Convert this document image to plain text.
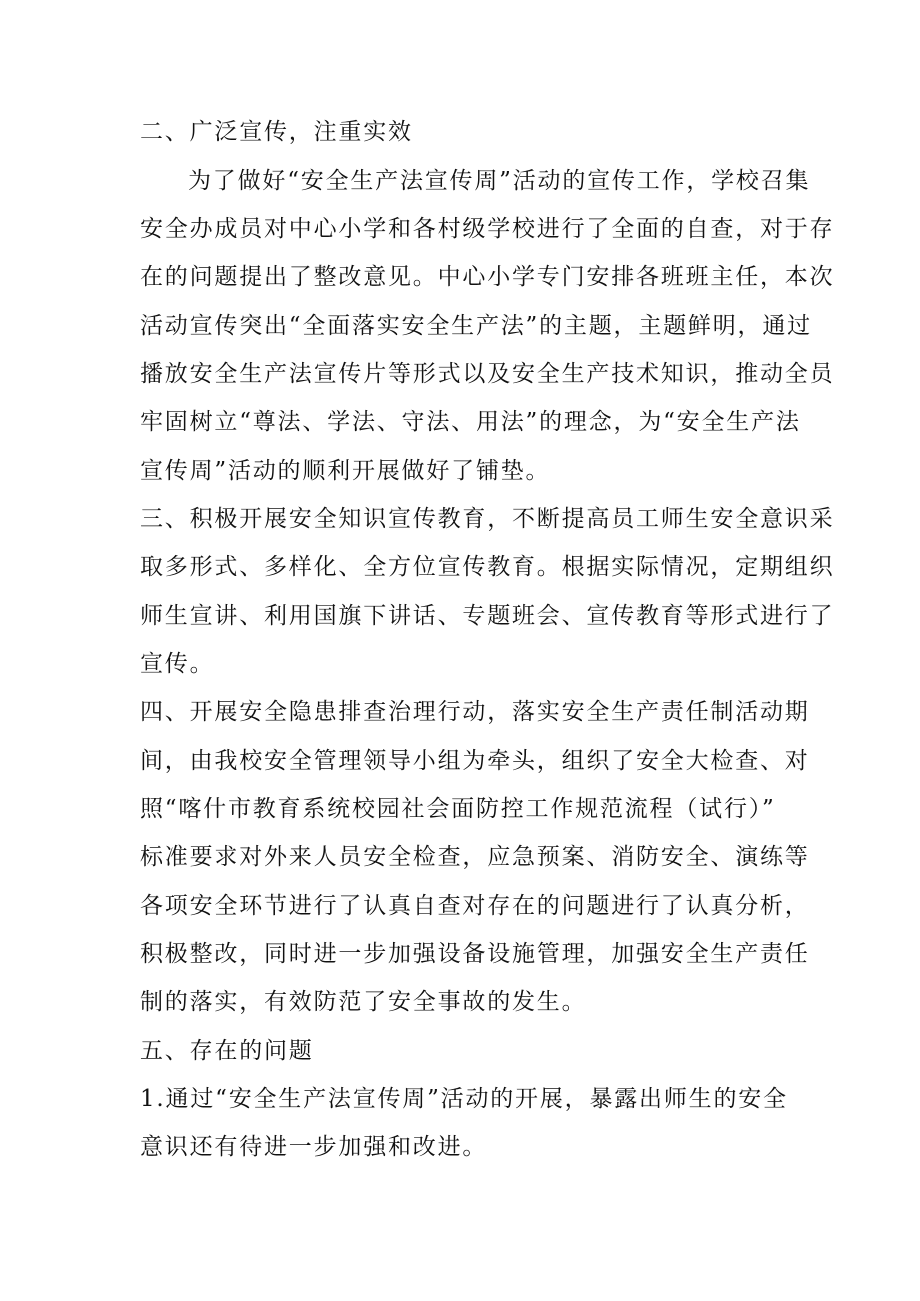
二、广泛宣传，注重实效
为了做好“安全生产法宣传周”活动的宣传工作，学校召集
安全办成员对中心小学和各村级学校进行了全面的自查，对于存
在的问题提出了整改意见。中心小学专门安排各班班主任，本次
活动宣传突出“全面落实安全生产法”的主题，主题鲜明，通过
播放安全生产法宣传片等形式以及安全生产技术知识，推动全员
牢固树立“尊法、学法、守法、用法”的理念，为“安全生产法
宣传周”活动的顺利开展做好了铺垫。
三、积极开展安全知识宣传教育，不断提高员工师生安全意识采
取多形式、多样化、全方位宣传教育。根据实际情况，定期组织
师生宣讲、利用国旗下讲话、专题班会、宣传教育等形式进行了
宣传。
四、开展安全隐患排查治理行动，落实安全生产责任制活动期
间，由我校安全管理领导小组为牵头，组织了安全大检查、对
照“喀什市教育系统校园社会面防控工作规范流程（试行）”
标准要求对外来人员安全检查，应急预案、消防安全、演练等
各项安全环节进行了认真自查对存在的问题进行了认真分析，
积极整改，同时进一步加强设备设施管理，加强安全生产责任
制的落实，有效防范了安全事故的发生。
五、存在的问题
1.通过“安全生产法宣传周”活动的开展，暴露出师生的安全
意识还有待进一步加强和改进。
